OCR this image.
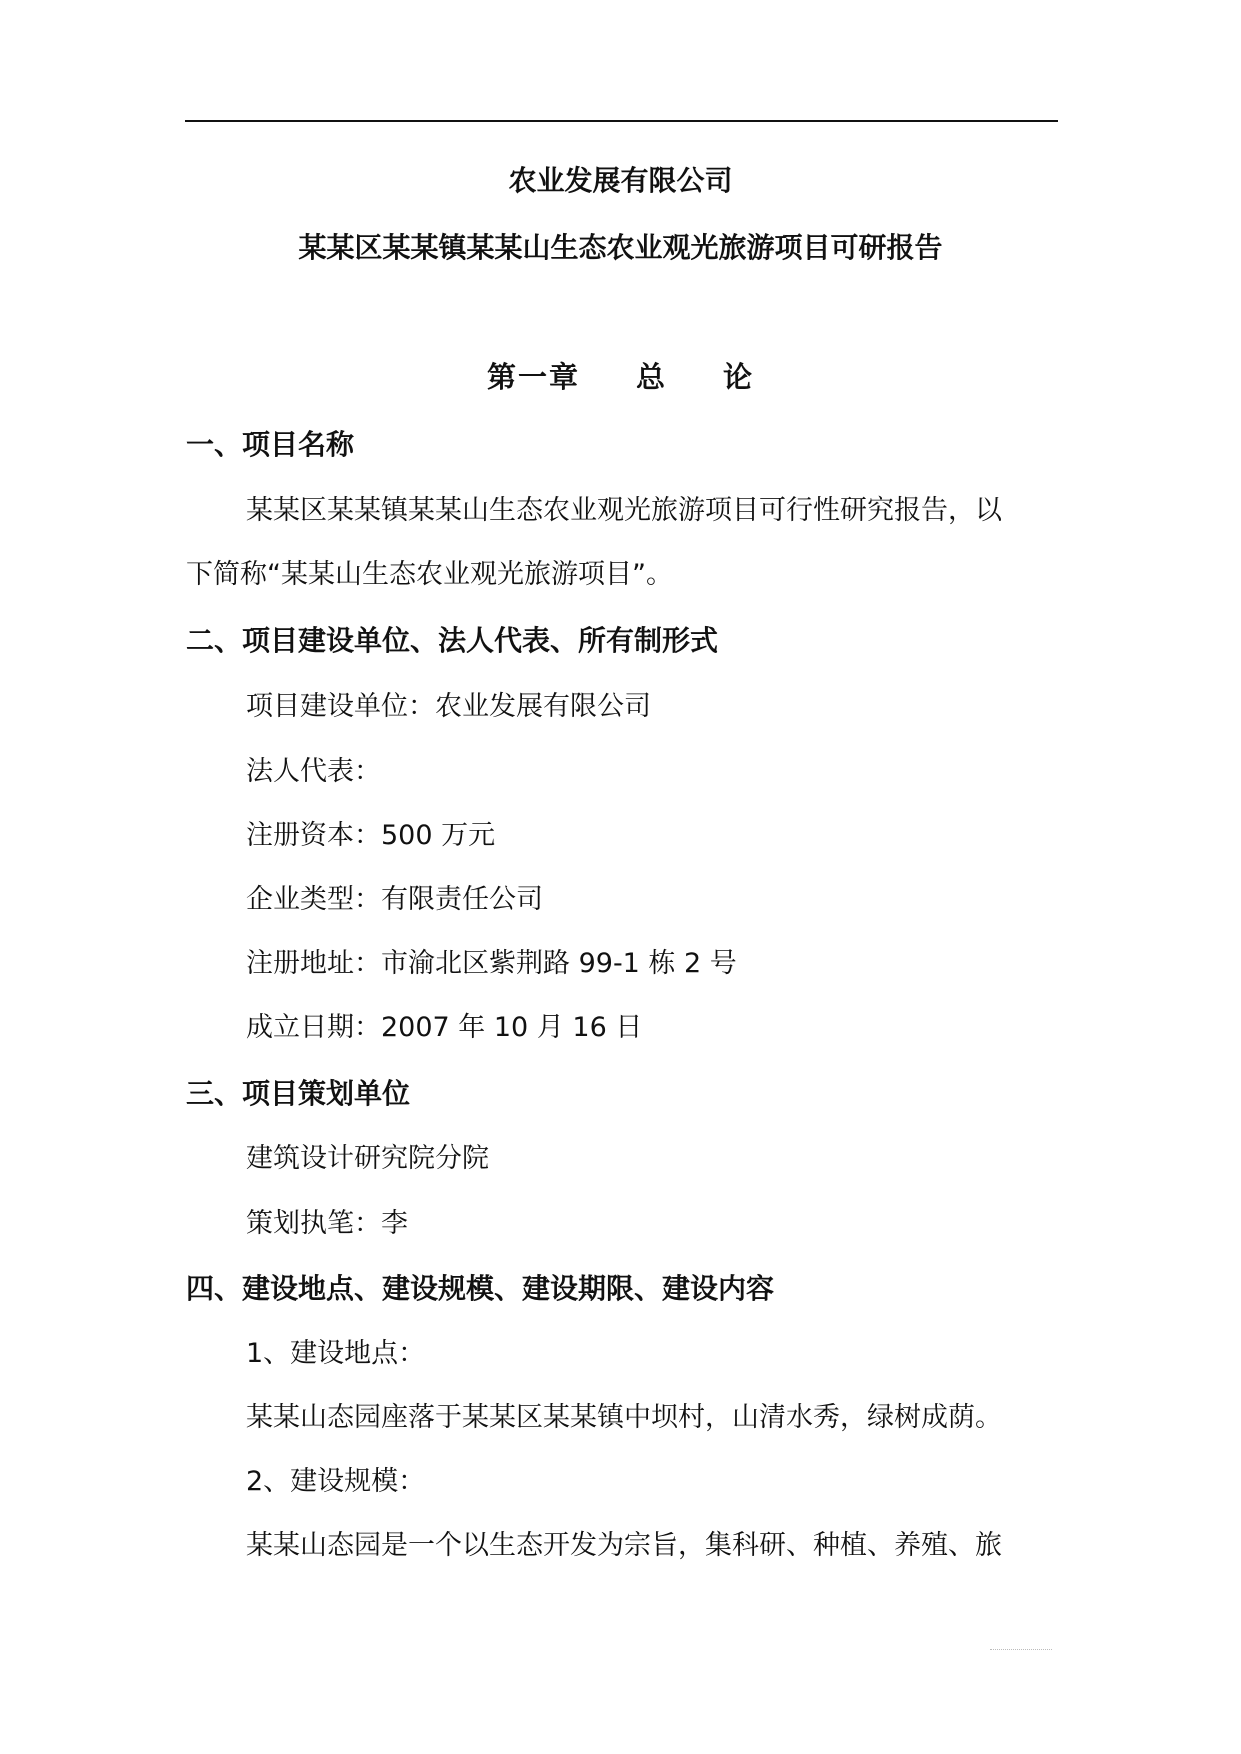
农业发展有限公司
某某区某某镇某某山生态农业观光旅游项目可研报告
第一章 总 论
一、项目名称
某某区某某镇某某山生态农业观光旅游项目可行性研究报告，以
下简称“某某山生态农业观光旅游项目”。
二、项目建设单位、法人代表、所有制形式
项目建设单位：农业发展有限公司
法人代表：
注册资本：500 万元
企业类型：有限责任公司
注册地址：市渝北区紫荆路 99-1 栋 2 号
成立日期：2007 年 10 月 16 日
三、项目策划单位
建筑设计研究院分院
策划执笔：李
四、建设地点、建设规模、建设期限、建设内容
1、建设地点：
某某山态园座落于某某区某某镇中坝村，山清水秀，绿树成荫。
2、建设规模：
某某山态园是一个以生态开发为宗旨，集科研、种植、养殖、旅
